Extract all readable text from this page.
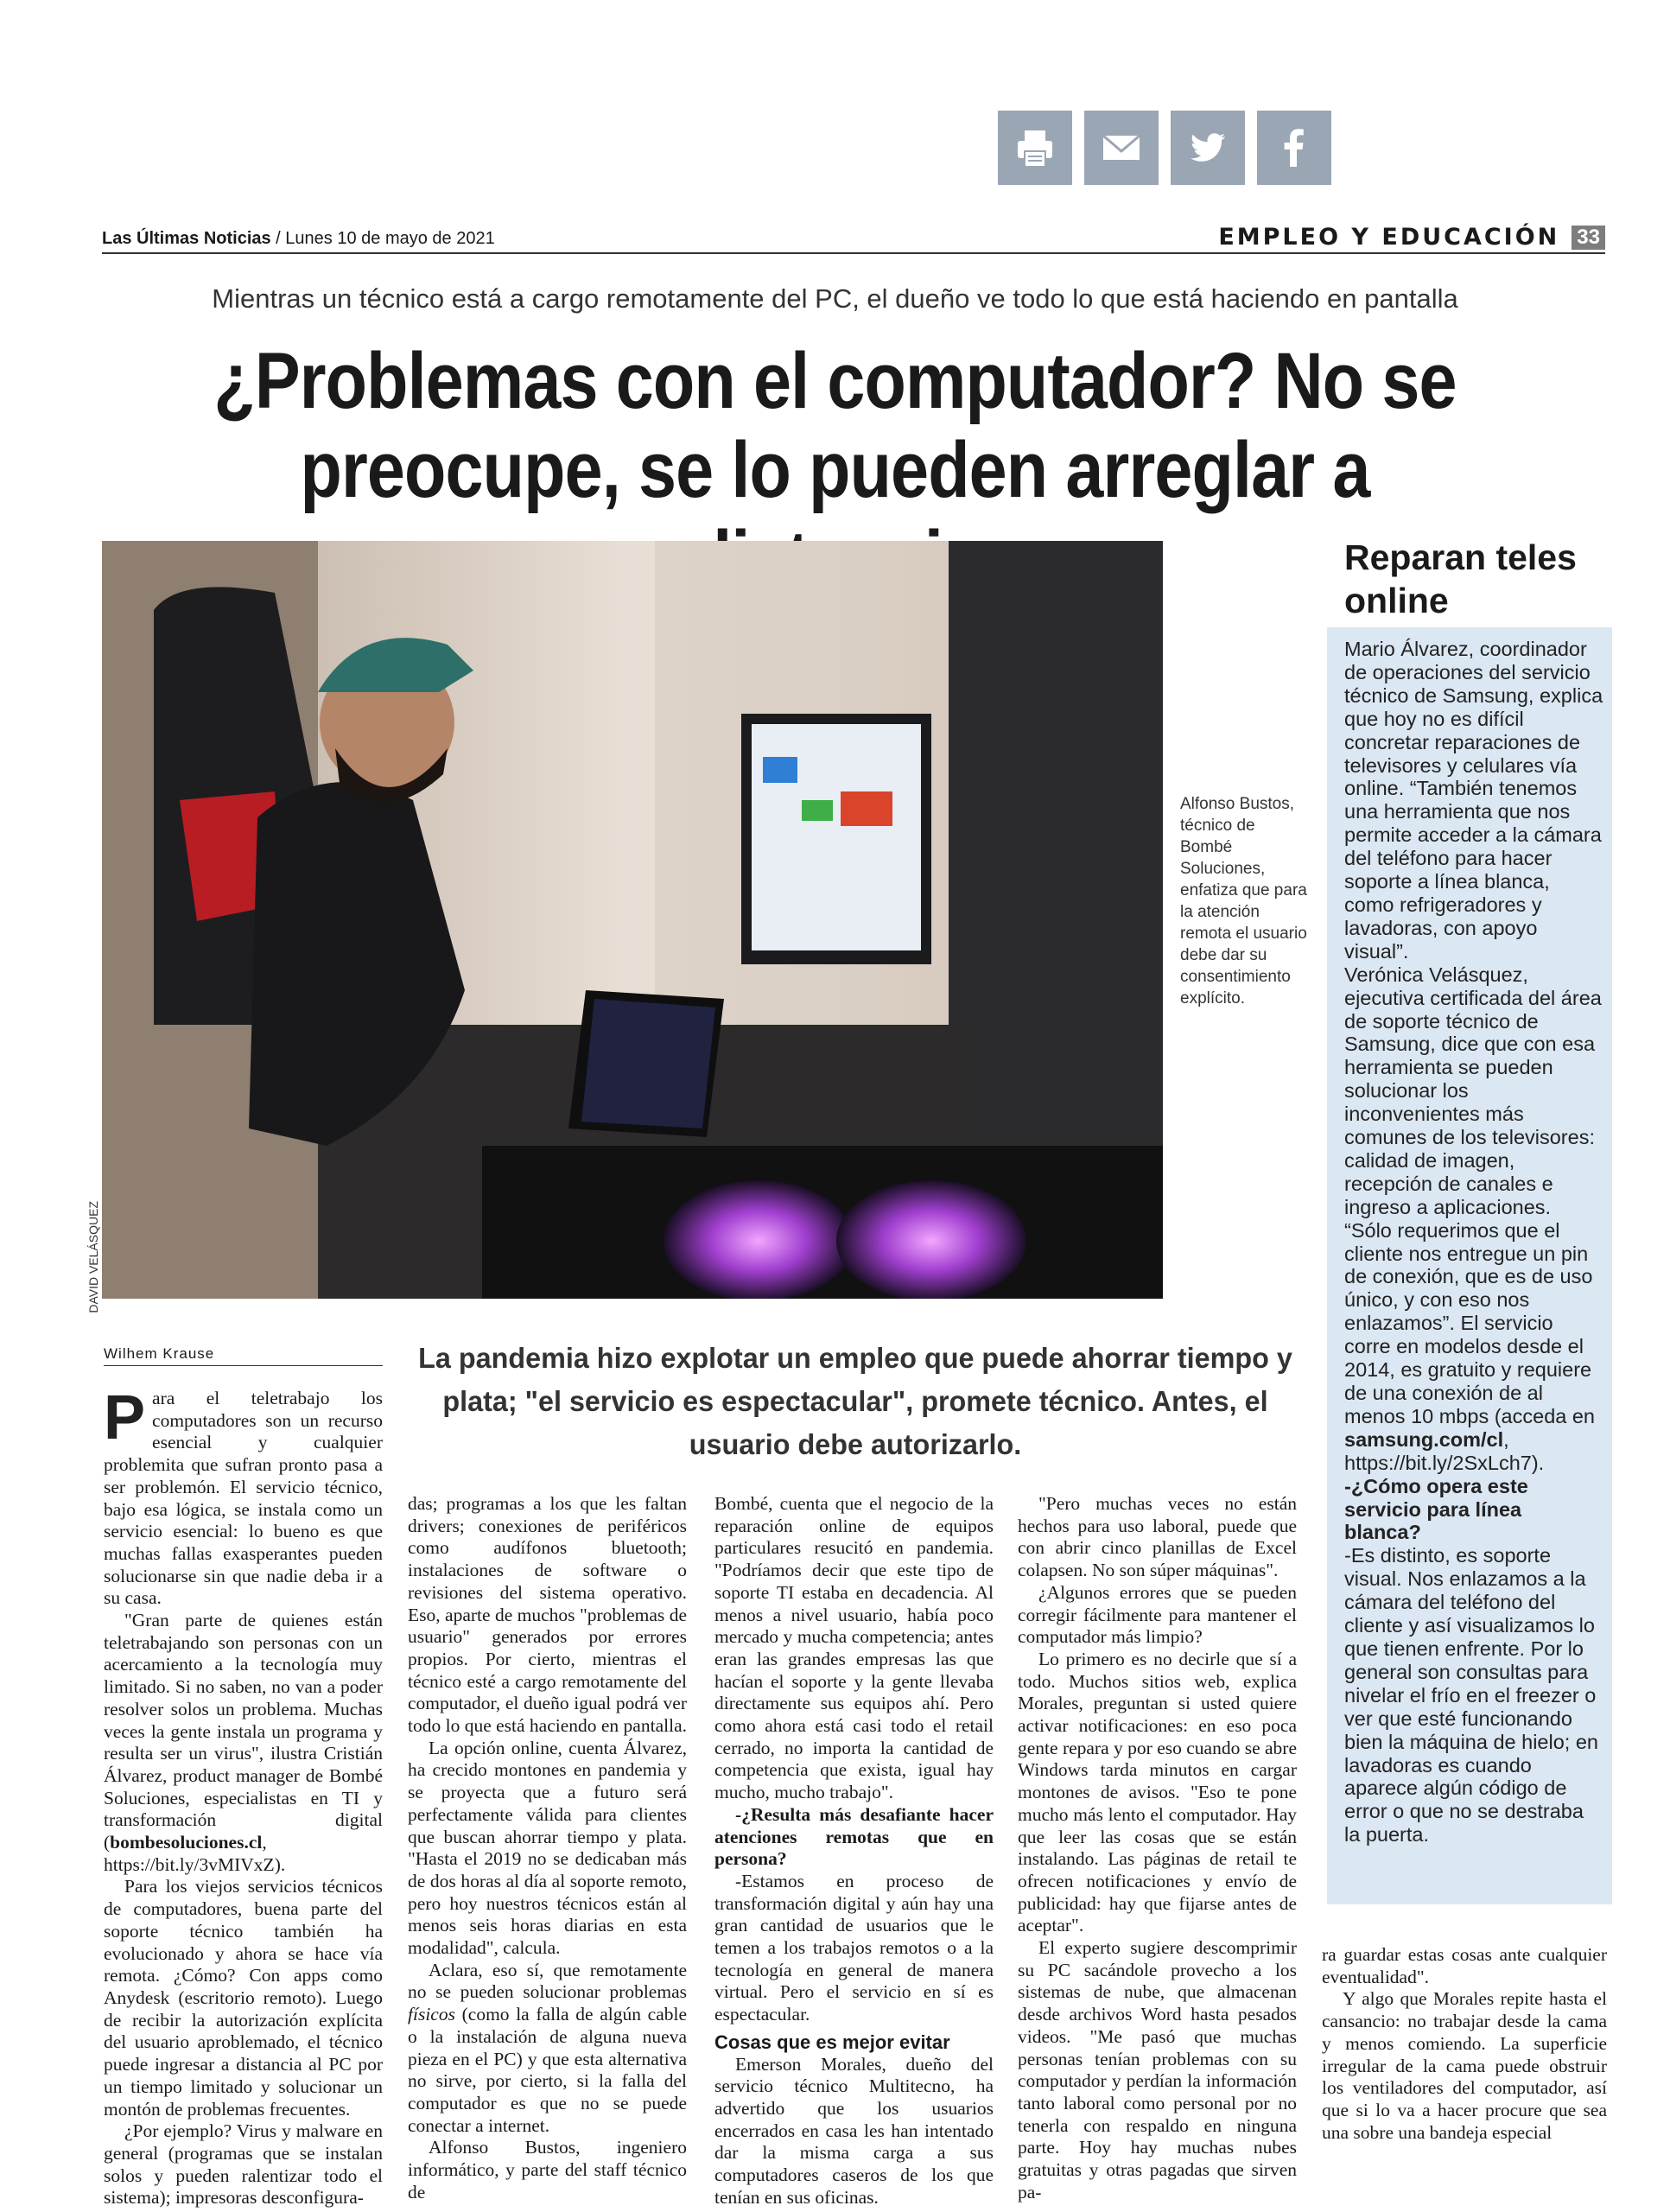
Las Últimas Noticias / Lunes 10 de mayo de 2021	EMPLEO Y EDUCACIÓN 33
Mientras un técnico está a cargo remotamente del PC, el dueño ve todo lo que está haciendo en pantalla
¿Problemas con el computador? No se
preocupe, se lo pueden arreglar a
DAVID VELÁSQUEZ
Alfonso Bustos, técnico de Bombé Soluciones, enfatiza que para la atención remota el usuario debe dar su consentimiento explícito.
Reparan teles online

Mario Álvarez, coordinador de operaciones del servicio técnico de Samsung, explica que hoy no es difícil concretar reparaciones de televisores y celulares vía online. “También tenemos una herramienta que nos permite acceder a la cámara del teléfono para hacer soporte a línea blanca, como refrigeradores y lavadoras, con apoyo visual”.

Verónica Velásquez, ejecutiva certificada del área de soporte técnico de Samsung, dice que con esa herramienta se pueden solucionar los inconvenientes más comunes de los televisores: calidad de imagen, recepción de canales e ingreso a aplicaciones. “Sólo requerimos que el cliente nos entregue un pin de conexión, que es de uso único, y con eso nos enlazamos”. El servicio corre en modelos desde el 2014, es gratuito y requiere de una conexión de al menos 10 mbps (acceda en samsung.com/cl, https://bit.ly/2SxLch7).

-¿Cómo opera este servicio para línea blanca?

-Es distinto, es soporte visual. Nos enlazamos a la cámara del teléfono del cliente y así visualizamos lo que tienen enfrente. Por lo general son consultas para nivelar el frío en el freezer o ver que esté funcionando bien la máquina de hielo; en lavadoras es cuando aparece algún código de error o que no se destraba la puerta.

Wilhem Krause	La pandemia hizo explotar un empleo que puede ahorrar tiempo y plata; "el servicio es espectacular", promete técnico. Antes, el usuario debe autorizarlo.

Para el teletrabajo los computadores son un recurso esencial y cualquier problemita que sufran pronto pasa a ser problemón. El servicio técnico, bajo esa lógica, se instala como un servicio esencial: lo bueno es que muchas fallas exasperantes pueden solucionarse sin que nadie deba ir a su casa.

"Gran parte de quienes están teletrabajando son personas con un acercamiento a la tecnología muy limitado. Si no saben, no van a poder resolver solos un problema. Muchas veces la gente instala un programa y resulta ser un virus", ilustra Cristián Álvarez, product manager de Bombé Soluciones, especialistas en TI y transformación digital (bombesoluciones.cl, https://bit.ly/3vMIVxZ).

Para los viejos servicios técnicos de computadores, buena parte del soporte técnico también ha evolucionado y ahora se hace vía remota. ¿Cómo? Con apps como Anydesk (escritorio remoto). Luego de recibir la autorización explícita del usuario aproblemado, el técnico puede ingresar a distancia al PC por un tiempo limitado y solucionar un montón de problemas frecuentes.

¿Por ejemplo? Virus y malware en general (programas que se instalan solos y pueden ralentizar todo el sistema); impresoras desconfigura-

das; programas a los que les faltan drivers; conexiones de periféricos como audífonos bluetooth; instalaciones de software o revisiones del sistema operativo. Eso, aparte de muchos "problemas de usuario" generados por errores propios. Por cierto, mientras el técnico esté a cargo remotamente del computador, el dueño igual podrá ver todo lo que está haciendo en pantalla.

La opción online, cuenta Álvarez, ha crecido montones en pandemia y se proyecta que a futuro será perfectamente válida para clientes que buscan ahorrar tiempo y plata. "Hasta el 2019 no se dedicaban más de dos horas al día al soporte remoto, pero hoy nuestros técnicos están al menos seis horas diarias en esta modalidad", calcula.

Aclara, eso sí, que remotamente no se pueden solucionar problemas físicos (como la falla de algún cable o la instalación de alguna nueva pieza en el PC) y que esta alternativa no sirve, por cierto, si la falla del computador es que no se puede conectar a internet.

Alfonso Bustos, ingeniero informático, y parte del staff técnico de

Bombé, cuenta que el negocio de la reparación online de equipos particulares resucitó en pandemia. "Podríamos decir que este tipo de soporte TI estaba en decadencia. Al menos a nivel usuario, había poco mercado y mucha competencia; antes eran las grandes empresas las que hacían el soporte y la gente llevaba directamente sus equipos ahí. Pero como ahora está casi todo el retail cerrado, no importa la cantidad de competencia que exista, igual hay mucho, mucho trabajo".

-¿Resulta más desafiante hacer atenciones remotas que en persona?

-Estamos en proceso de transformación digital y aún hay una gran cantidad de usuarios que le temen a los trabajos remotos o a la tecnología en general de manera virtual. Pero el servicio en sí es espectacular.

Cosas que es mejor evitar

Emerson Morales, dueño del servicio técnico Multitecno, ha advertido que los usuarios encerrados en casa les han intentado dar la misma carga a sus computadores caseros de los que tenían en sus oficinas.

"Pero muchas veces no están hechos para uso laboral, puede que con abrir cinco planillas de Excel colapsen. No son súper máquinas".

¿Algunos errores que se pueden corregir fácilmente para mantener el computador más limpio?

Lo primero es no decirle que sí a todo. Muchos sitios web, explica Morales, preguntan si usted quiere activar notificaciones: en eso poca gente repara y por eso cuando se abre Windows tarda minutos en cargar montones de avisos. "Eso te pone mucho más lento el computador. Hay que leer las cosas que se están instalando. Las páginas de retail te ofrecen notificaciones y envío de publicidad: hay que fijarse antes de aceptar".

El experto sugiere descomprimir su PC sacándole provecho a los sistemas de nube, que almacenan desde archivos Word hasta pesados videos. "Me pasó que muchas personas tenían problemas con su computador y perdían la información tanto laboral como personal por no tenerla con respaldo en ninguna parte. Hoy hay muchas nubes gratuitas y otras pagadas que sirven pa-

ra guardar estas cosas ante cualquier eventualidad".

Y algo que Morales repite hasta el cansancio: no trabajar desde la cama y menos comiendo. La superficie irregular de la cama puede obstruir los ventiladores del computador, así que si lo va a hacer procure que sea una sobre una bandeja especial
